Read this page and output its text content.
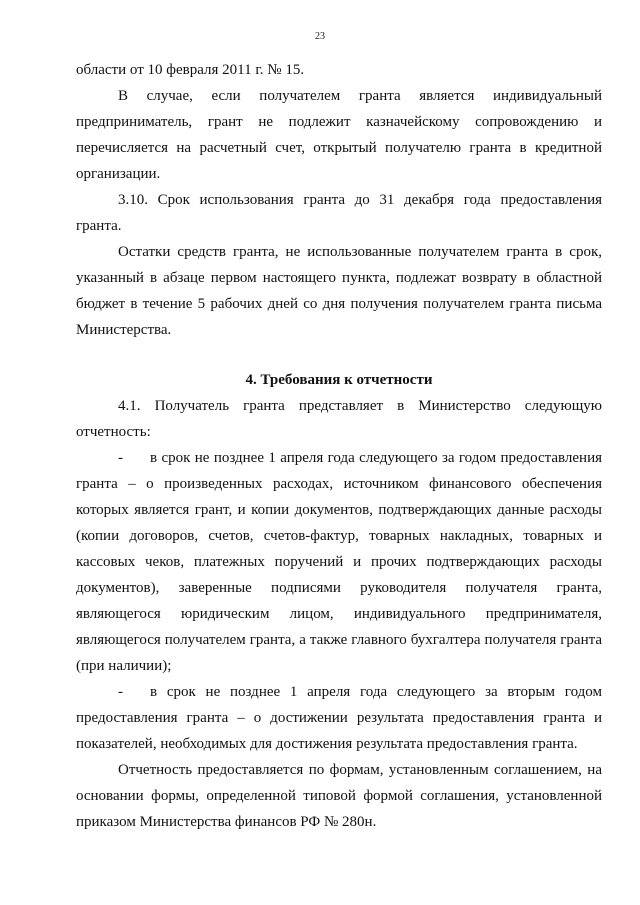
23

области от 10 февраля 2011 г. № 15.

В случае, если получателем гранта является индивидуальный предприниматель, грант не подлежит казначейскому сопровождению и перечисляется на расчетный счет, открытый получателю гранта в кредитной организации.

3.10. Срок использования гранта до 31 декабря года предоставления гранта.

Остатки средств гранта, не использованные получателем гранта в срок, указанный в абзаце первом настоящего пункта, подлежат возврату в областной бюджет в течение 5 рабочих дней со дня получения получателем гранта письма Министерства.

4. Требования к отчетности

4.1. Получатель гранта представляет в Министерство следующую отчетность:

- в срок не позднее 1 апреля года следующего за годом предоставления гранта – о произведенных расходах, источником финансового обеспечения которых является грант, и копии документов, подтверждающих данные расходы (копии договоров, счетов, счетов-фактур, товарных накладных, товарных и кассовых чеков, платежных поручений и прочих подтверждающих расходы документов), заверенные подписями руководителя получателя гранта, являющегося юридическим лицом, индивидуального предпринимателя, являющегося получателем гранта, а также главного бухгалтера получателя гранта (при наличии);

- в срок не позднее 1 апреля года следующего за вторым годом предоставления гранта – о достижении результата предоставления гранта и показателей, необходимых для достижения результата предоставления гранта.

Отчетность предоставляется по формам, установленным соглашением, на основании формы, определенной типовой формой соглашения, установленной приказом Министерства финансов РФ № 280н.
